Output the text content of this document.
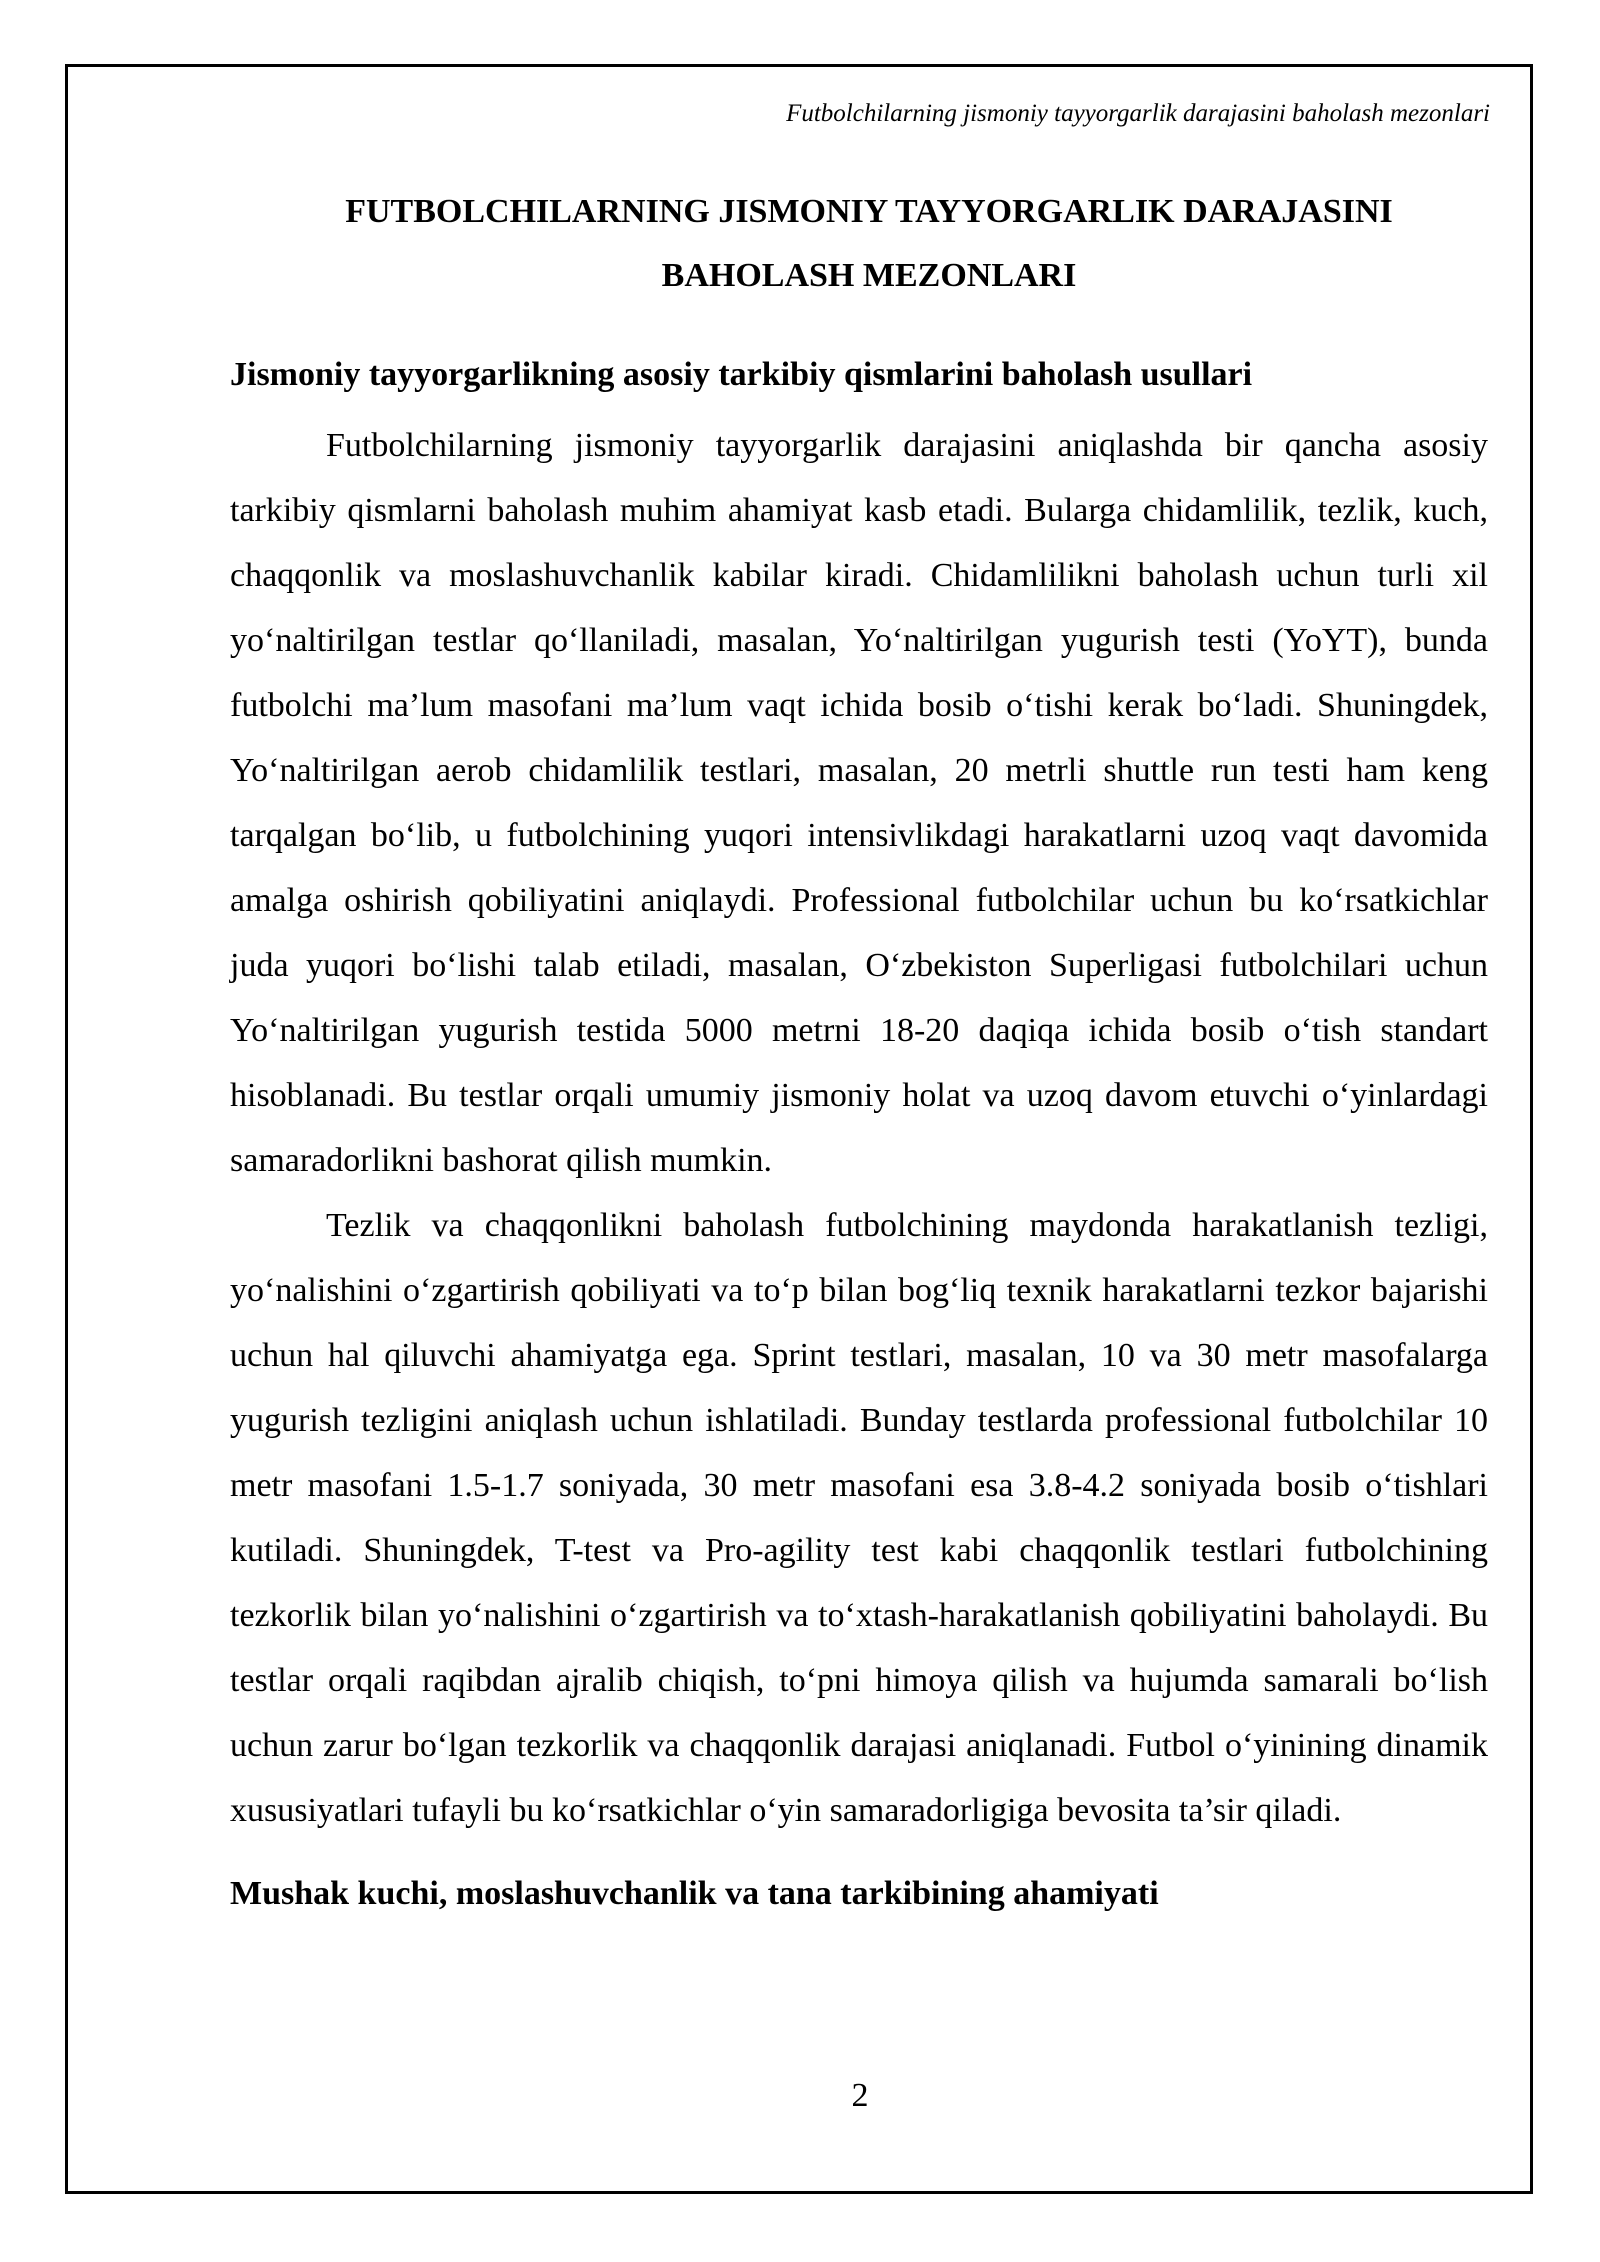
Futbolchilarning jismoniy tayyorgarlik darajasini baholash mezonlari
FUTBOLCHILARNING JISMONIY TAYYORGARLIK DARAJASINI
BAHOLASH MEZONLARI
Jismoniy tayyorgarlikning asosiy tarkibiy qismlarini baholash usullari

Futbolchilarning jismoniy tayyorgarlik darajasini aniqlashda bir qancha asosiy tarkibiy qismlarni baholash muhim ahamiyat kasb etadi. Bularga chidamlilik, tezlik, kuch, chaqqonlik va moslashuvchanlik kabilar kiradi. Chidamlilikni baholash uchun turli xil yo‘naltirilgan testlar qo‘llaniladi, masalan, Yo‘naltirilgan yugurish testi (YoYT), bunda futbolchi ma’lum masofani ma’lum vaqt ichida bosib o‘tishi kerak bo‘ladi. Shuningdek, Yo‘naltirilgan aerob chidamlilik testlari, masalan, 20 metrli shuttle run testi ham keng tarqalgan bo‘lib, u futbolchining yuqori intensivlikdagi harakatlarni uzoq vaqt davomida amalga oshirish qobiliyatini aniqlaydi. Professional futbolchilar uchun bu ko‘rsatkichlar juda yuqori bo‘lishi talab etiladi, masalan, O‘zbekiston Superligasi futbolchilari uchun Yo‘naltirilgan yugurish testida 5000 metrni 18-20 daqiqa ichida bosib o‘tish standart hisoblanadi. Bu testlar orqali umumiy jismoniy holat va uzoq davom etuvchi o‘yinlardagi samaradorlikni bashorat qilish mumkin.

Tezlik va chaqqonlikni baholash futbolchining maydonda harakatlanish tezligi, yo‘nalishini o‘zgartirish qobiliyati va to‘p bilan bog‘liq texnik harakatlarni tezkor bajarishi uchun hal qiluvchi ahamiyatga ega. Sprint testlari, masalan, 10 va 30 metr masofalarga yugurish tezligini aniqlash uchun ishlatiladi. Bunday testlarda professional futbolchilar 10 metr masofani 1.5-1.7 soniyada, 30 metr masofani esa 3.8-4.2 soniyada bosib o‘tishlari kutiladi. Shuningdek, T-test va Pro-agility test kabi chaqqonlik testlari futbolchining tezkorlik bilan yo‘nalishini o‘zgartirish va to‘xtash-harakatlanish qobiliyatini baholaydi. Bu testlar orqali raqibdan ajralib chiqish, to‘pni himoya qilish va hujumda samarali bo‘lish uchun zarur bo‘lgan tezkorlik va chaqqonlik darajasi aniqlanadi. Futbol o‘yinining dinamik xususiyatlari tufayli bu ko‘rsatkichlar o‘yin samaradorligiga bevosita ta’sir qiladi.

Mushak kuchi, moslashuvchanlik va tana tarkibining ahamiyati
2
